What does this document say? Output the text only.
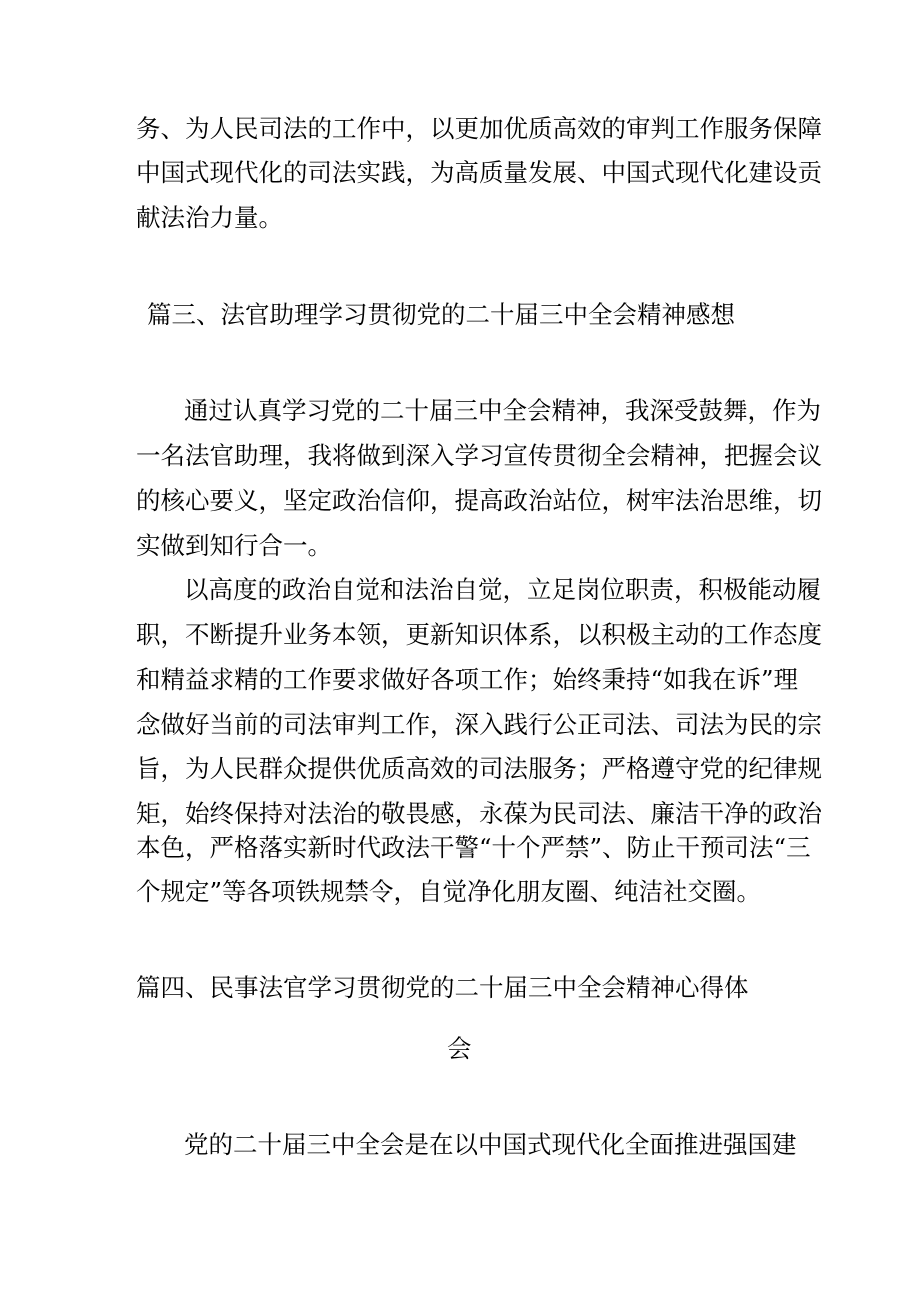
务、为人民司法的工作中，以更加优质高效的审判工作服务保障
中国式现代化的司法实践，为高质量发展、中国式现代化建设贡
献法治力量。
篇三、法官助理学习贯彻党的二十届三中全会精神感想
通过认真学习党的二十届三中全会精神，我深受鼓舞，作为
一名法官助理，我将做到深入学习宣传贯彻全会精神，把握会议
的核心要义，坚定政治信仰，提高政治站位，树牢法治思维，切
实做到知行合一。
以高度的政治自觉和法治自觉，立足岗位职责，积极能动履
职，不断提升业务本领，更新知识体系，以积极主动的工作态度
和精益求精的工作要求做好各项工作；始终秉持“如我在诉”理
念做好当前的司法审判工作，深入践行公正司法、司法为民的宗
旨，为人民群众提供优质高效的司法服务；严格遵守党的纪律规
矩，始终保持对法治的敬畏感，永葆为民司法、廉洁干净的政治
本色，严格落实新时代政法干警“十个严禁”、防止干预司法“三
个规定”等各项铁规禁令，自觉净化朋友圈、纯洁社交圈。
篇四、民事法官学习贯彻党的二十届三中全会精神心得体
会
党的二十届三中全会是在以中国式现代化全面推进强国建
